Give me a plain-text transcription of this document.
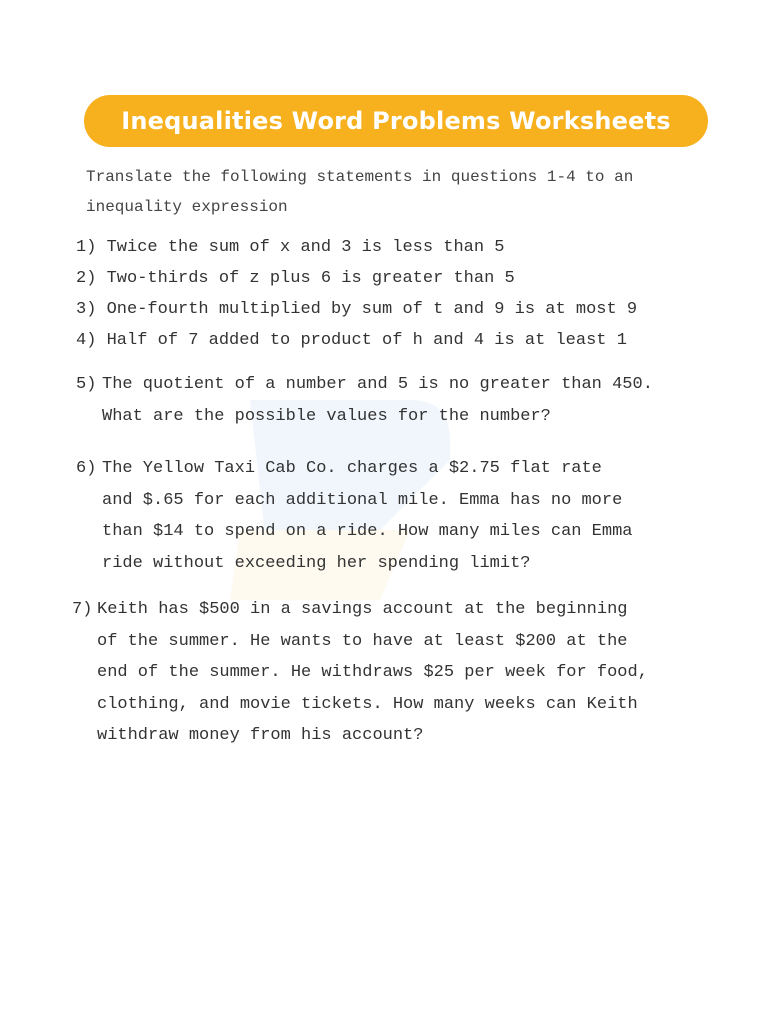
Inequalities Word Problems Worksheets
Translate the following statements in questions 1-4 to an
inequality expression
1) Twice the sum of x and 3 is less than 5
2) Two-thirds of z plus 6 is greater than 5
3) One-fourth multiplied by sum of t and 9 is at most 9
4) Half of 7 added to product of h and 4 is at least 1
5) The quotient of a number and 5 is no greater than 450.
What are the possible values for the number?
6) The Yellow Taxi Cab Co. charges a $2.75 flat rate
and $.65 for each additional mile. Emma has no more
than $14 to spend on a ride. How many miles can Emma
ride without exceeding her spending limit?
7) Keith has $500 in a savings account at the beginning
of the summer. He wants to have at least $200 at the
end of the summer. He withdraws $25 per week for food,
clothing, and movie tickets. How many weeks can Keith
withdraw money from his account?
